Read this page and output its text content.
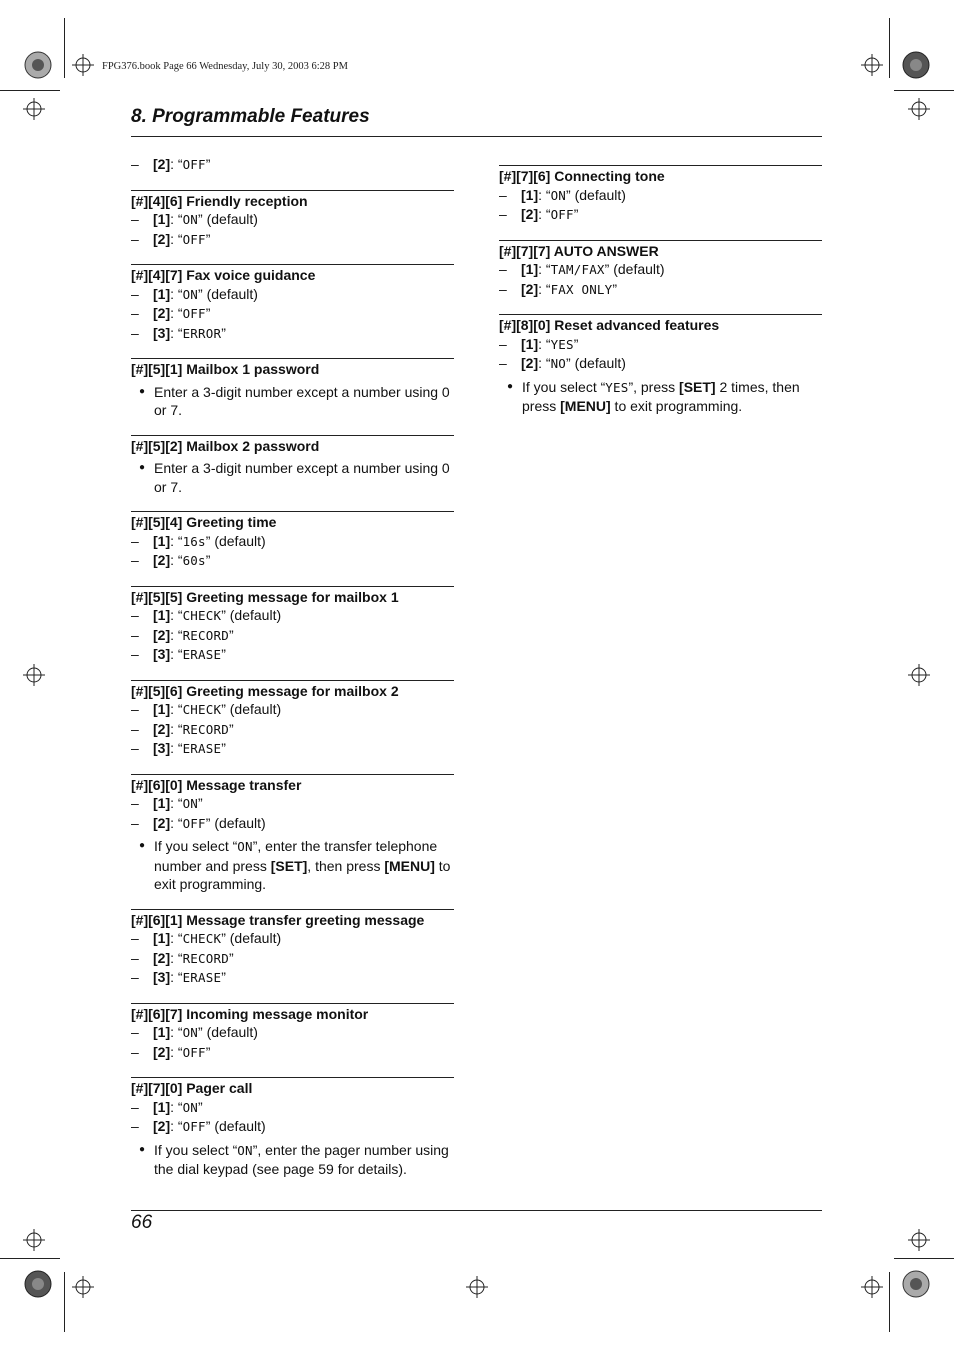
FPG376.book Page 66 Wednesday, July 30, 2003 6:28 PM
8. Programmable Features
– [2]: “OFF”
[#][4][6] Friendly reception
– [1]: “ON” (default)
– [2]: “OFF”
[#][4][7] Fax voice guidance
– [1]: “ON” (default)
– [2]: “OFF”
– [3]: “ERROR”
[#][5][1] Mailbox 1 password
● Enter a 3-digit number except a number using 0 or 7.
[#][5][2] Mailbox 2 password
● Enter a 3-digit number except a number using 0 or 7.
[#][5][4] Greeting time
– [1]: “16s” (default)
– [2]: “60s”
[#][5][5] Greeting message for mailbox 1
– [1]: “CHECK” (default)
– [2]: “RECORD”
– [3]: “ERASE”
[#][5][6] Greeting message for mailbox 2
– [1]: “CHECK” (default)
– [2]: “RECORD”
– [3]: “ERASE”
[#][6][0] Message transfer
– [1]: “ON”
– [2]: “OFF” (default)
● If you select “ON”, enter the transfer telephone number and press [SET], then press [MENU] to exit programming.
[#][6][1] Message transfer greeting message
– [1]: “CHECK” (default)
– [2]: “RECORD”
– [3]: “ERASE”
[#][6][7] Incoming message monitor
– [1]: “ON” (default)
– [2]: “OFF”
[#][7][0] Pager call
– [1]: “ON”
– [2]: “OFF” (default)
● If you select “ON”, enter the pager number using the dial keypad (see page 59 for details).
[#][7][6] Connecting tone
– [1]: “ON” (default)
– [2]: “OFF”
[#][7][7] AUTO ANSWER
– [1]: “TAM/FAX” (default)
– [2]: “FAX ONLY”
[#][8][0] Reset advanced features
– [1]: “YES”
– [2]: “NO” (default)
● If you select “YES”, press [SET] 2 times, then press [MENU] to exit programming.
66
